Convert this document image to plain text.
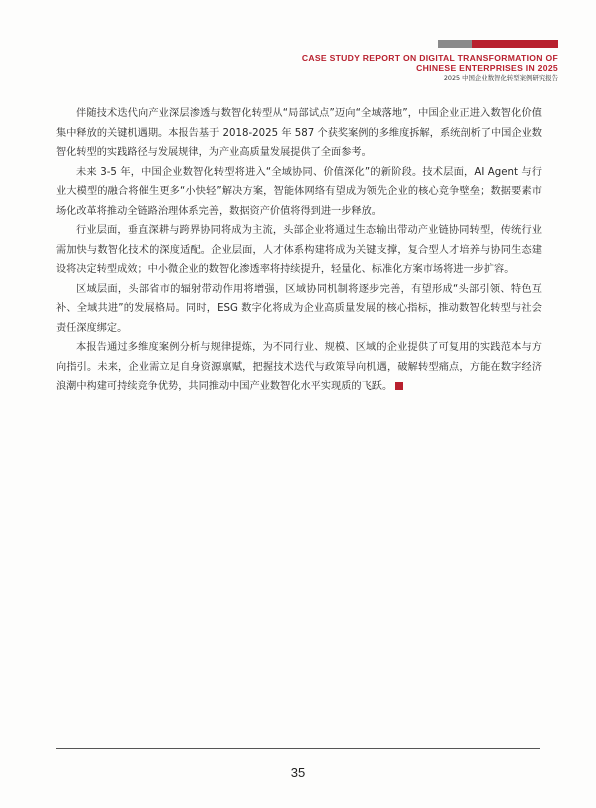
CASE STUDY REPORT ON DIGITAL TRANSFORMATION OF
CHINESE ENTERPRISES IN 2025
2025 中国企业数智化转型案例研究报告

伴随技术迭代向产业深层渗透与数智化转型从“局部试点”迈向“全域落地”，中国企业正进入数智化价值集中释放的关键机遇期。本报告基于 2018-2025 年 587 个获奖案例的多维度拆解，系统剖析了中国企业数智化转型的实践路径与发展规律，为产业高质量发展提供了全面参考。

未来 3-5 年，中国企业数智化转型将进入“全域协同、价值深化”的新阶段。技术层面，AI Agent 与行业大模型的融合将催生更多“小快轻”解决方案，智能体网络有望成为领先企业的核心竞争壁垒；数据要素市场化改革将推动全链路治理体系完善，数据资产价值将得到进一步释放。

行业层面，垂直深耕与跨界协同将成为主流，头部企业将通过生态输出带动产业链协同转型，传统行业需加快与数智化技术的深度适配。企业层面，人才体系构建将成为关键支撑，复合型人才培养与协同生态建设将决定转型成效；中小微企业的数智化渗透率将持续提升，轻量化、标准化方案市场将进一步扩容。

区域层面，头部省市的辐射带动作用将增强，区域协同机制将逐步完善，有望形成“头部引领、特色互补、全域共进”的发展格局。同时，ESG 数字化将成为企业高质量发展的核心指标，推动数智化转型与社会责任深度绑定。

本报告通过多维度案例分析与规律提炼，为不同行业、规模、区域的企业提供了可复用的实践范本与方向指引。未来，企业需立足自身资源禀赋，把握技术迭代与政策导向机遇，破解转型痛点，方能在数字经济浪潮中构建可持续竞争优势，共同推动中国产业数智化水平实现质的飞跃。

35
